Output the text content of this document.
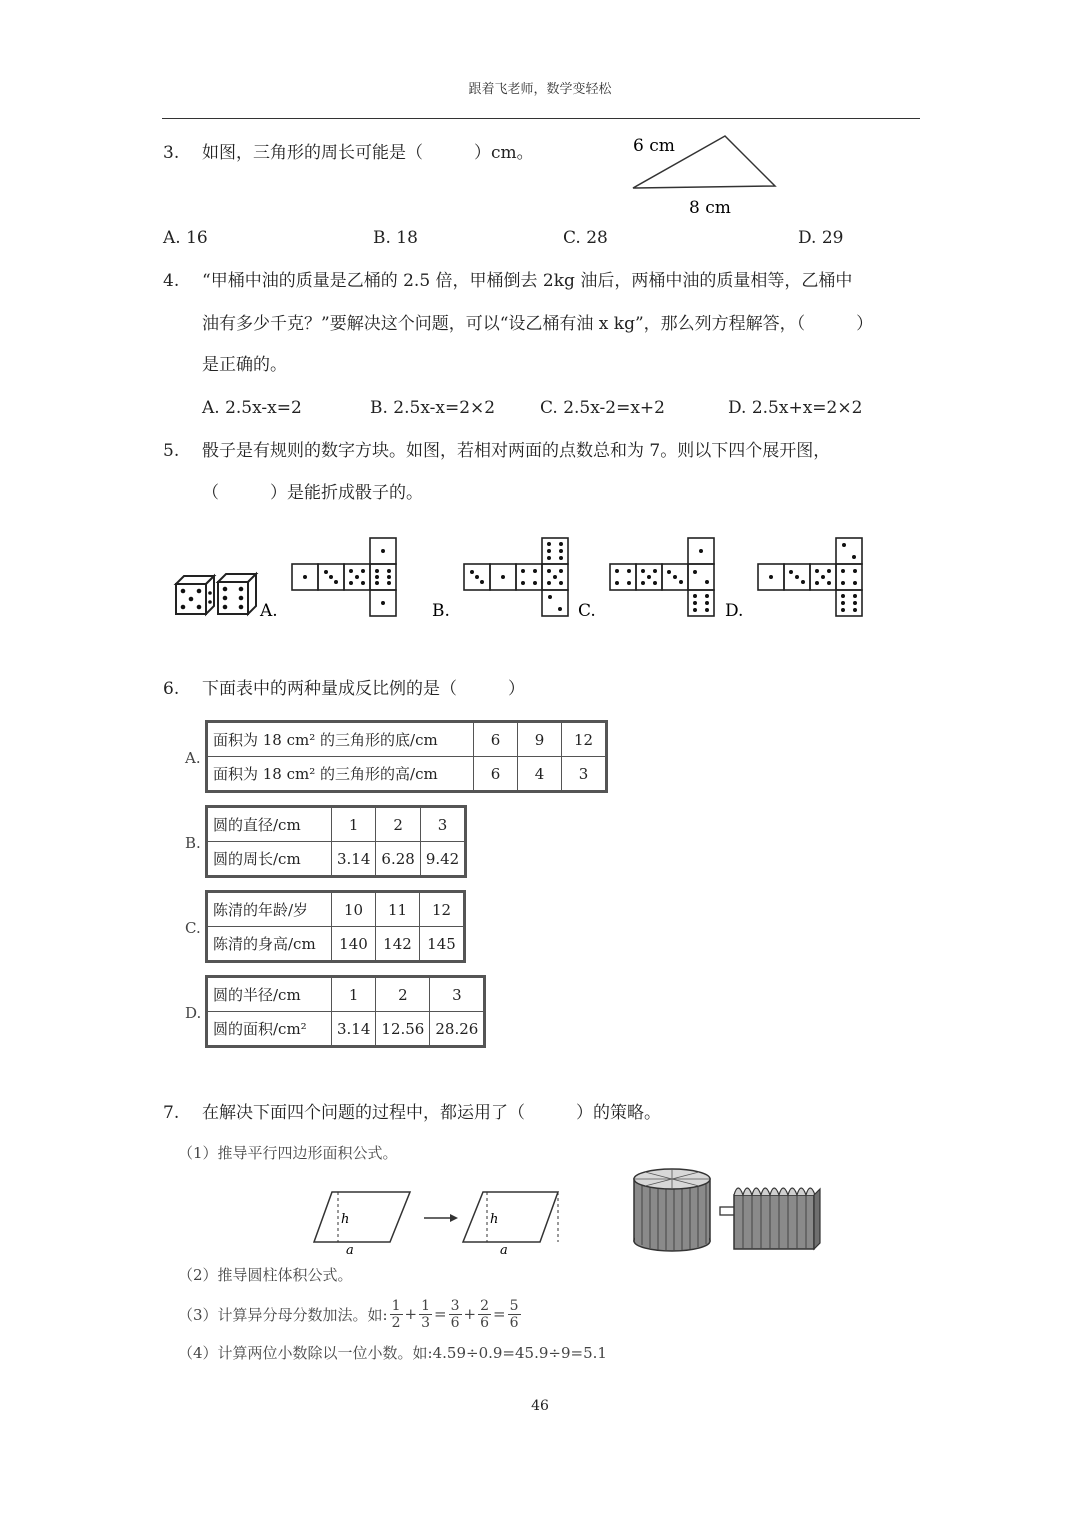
跟着飞老师，数学变轻松
3. 如图，三角形的周长可能是（　　　）cm。	6 cm
8 cm
A. 16	B. 18	C. 28	D. 29
4. “甲桶中油的质量是乙桶的 2.5 倍，甲桶倒去 2kg 油后，两桶中油的质量相等，乙桶中
油有多少千克？”要解决这个问题，可以“设乙桶有油 x kg”，那么列方程解答，（　　　）
是正确的。
A. 2.5x-x=2	B. 2.5x-x=2×2	C. 2.5x-2=x+2	D. 2.5x+x=2×2
5. 骰子是有规则的数字方块。如图，若相对两面的点数总和为 7。则以下四个展开图，
（　　　）是能折成骰子的。
A.	B.	C.	D.
6. 下面表中的两种量成反比例的是（　　　）
A.
面积为 18 cm² 的三角形的底/cm	6	9	12
面积为 18 cm² 的三角形的高/cm	6	4	3
B.
圆的直径/cm	1	2	3
圆的周长/cm	3.14	6.28	9.42
C.
陈清的年龄/岁	10	11	12
陈清的身高/cm	140	142	145
D.
圆的半径/cm	1	2	3
圆的面积/cm²	3.14	12.56	28.26
7. 在解决下面四个问题的过程中，都运用了（　　　）的策略。
（1）推导平行四边形面积公式。
h
a
h
a
（2）推导圆柱体积公式。
（3）计算异分母分数加法。如: $\frac{1}{2} + \frac{1}{3} = \frac{3}{6} + \frac{2}{6} = \frac{5}{6}$
（4）计算两位小数除以一位小数。如:4.59÷0.9=45.9÷9=5.1
46
